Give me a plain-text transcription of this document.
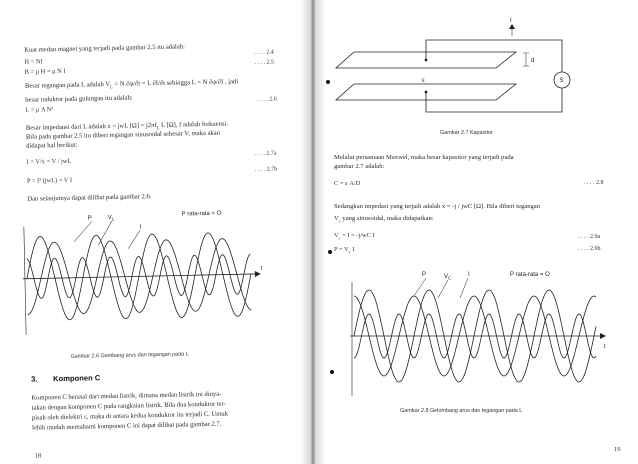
Kuat medan magnet yang terjadi pada gambar 2.5 itu adalah:
H = NI
. . . . 2.4
B = μ H = μ N I
. . . . 2.5
Besar tegangan pada L adalah $V_L = N$ ∂φ/∂t = L ∂I/∂t sehingga L = N ∂φ/∂I , jadi
besar induktor pada gulungan itu adalah:
L = μ A N²
. . . . 2.6
Besar impedansi dari L adalah x = jwL $[\Omega] = j2\pi f_L$ L [Ω], f adalah frekuensi.
Bila pada gambar 2.5 itu diberi tegangan sinusoidal sebesar V, maka akan
didapat hal berikut:
I = V/x = V / jwL
. . . . 2.7a
P = I² (jwL) = V I
. . . . 2.7b
Dan selanjutnya dapat dilihat pada gambar 2.6.
P	$V_L$
I
P rata-rata = O
t
Gambar 2.6 Gembang arus dan tegangan pada L
3. Komponen C
Komponen C berasal dari medan listrik, dimana medan listrik ini dinya-
takan dengan komponen C pada rangkaian listrik. Bila dua konduktor ter-
pisah oleh dielektri ε, maka di antara kedua konduktor itu terjadi C. Untuk
lebih mudah memahami komponen C ini dapat dilihat pada gambar 2.7.
18
I
d
ε	S
Gambar 2.7 Kapasitor
Melalui persamaan Maxwel, maka besar kapasitor yang terjadi pada
gambar 2.7 adalah:
C = ε A/D	. . . . 2.8
Sedangkan impedasi yang terjadi adalah x = -j / jwC [Ω]. Bila diberi tegangan
$V_c$ yang sinusoidal, maka didapatkan:
$V_c = I = -j/wC$ I	. . . . 2.9a
$P = V_c$ I	. . . . 2.9b
P	$V_C$	I	P rata-rata = O
t
Gambar 2.8 Gelombang arus dan tegangan pada L
19
